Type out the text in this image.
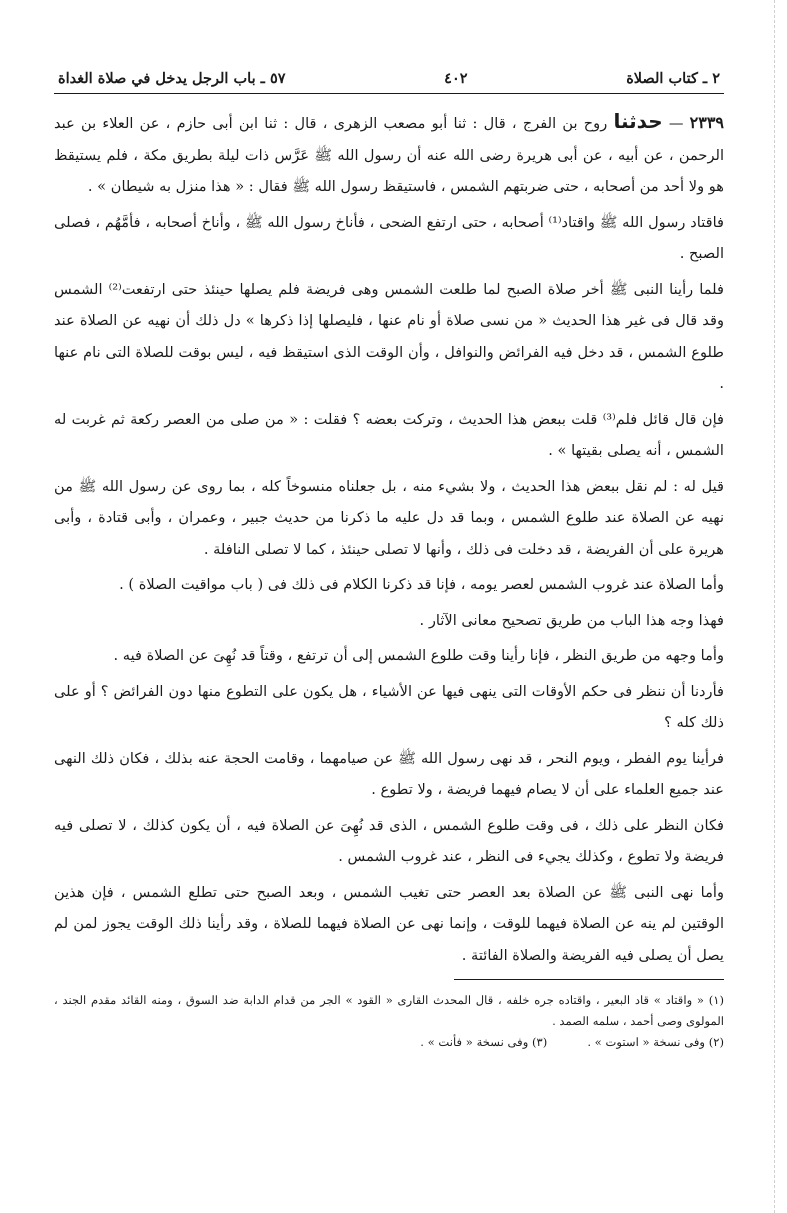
٢ ـ كتاب الصلاة
٤٠٢
٥٧ ـ باب الرجل يدخل في صلاة الغداة

٢٣٣٩ — حدثنا روح بن الفرج ، قال : ثنا أبو مصعب الزهرى ، قال : ثنا ابن أبى حازم ، عن العلاء بن عبد الرحمن ، عن أبيه ، عن أبى هريرة رضى الله عنه أن رسول الله ﷺ عَرَّس ذات ليلة بطريق مكة ، فلم يستيقظ هو ولا أحد من أصحابه ، حتى ضربتهم الشمس ، فاستيقظ رسول الله ﷺ فقال : « هذا منزل به شيطان » .

فاقتاد رسول الله ﷺ واقتاد⁽¹⁾ أصحابه ، حتى ارتفع الضحى ، فأناخ رسول الله ﷺ ، وأناخ أصحابه ، فأمَّهُم ، فصلى الصبح .

فلما رأينا النبى ﷺ أخر صلاة الصبح لما طلعت الشمس وهى فريضة فلم يصلها حينئذ حتى ارتفعت⁽²⁾ الشمس وقد قال فى غير هذا الحديث « من نسى صلاة أو نام عنها ، فليصلها إذا ذكرها » دل ذلك أن نهيه عن الصلاة عند طلوع الشمس ، قد دخل فيه الفرائض والنوافل ، وأن الوقت الذى استيقظ فيه ، ليس بوقت للصلاة التى نام عنها .

فإن قال قائل فلم⁽³⁾ قلت ببعض هذا الحديث ، وتركت بعضه ؟ فقلت : « من صلى من العصر ركعة ثم غربت له الشمس ، أنه يصلى بقيتها » .

قيل له : لم نقل ببعض هذا الحديث ، ولا بشيء منه ، بل جعلناه منسوخاً كله ، بما روى عن رسول الله ﷺ من نهيه عن الصلاة عند طلوع الشمس ، وبما قد دل عليه ما ذكرنا من حديث جبير ، وعمران ، وأبى قتادة ، وأبى هريرة على أن الفريضة ، قد دخلت فى ذلك ، وأنها لا تصلى حينئذ ، كما لا تصلى النافلة .

وأما الصلاة عند غروب الشمس لعصر يومه ، فإنا قد ذكرنا الكلام فى ذلك فى ( باب مواقيت الصلاة ) .

فهذا وجه هذا الباب من طريق تصحيح معانى الآثار .

وأما وجهه من طريق النظر ، فإنا رأينا وقت طلوع الشمس إلى أن ترتفع ، وقتاً قد نُهِىَ عن الصلاة فيه .

فأردنا أن ننظر فى حكم الأوقات التى ينهى فيها عن الأشياء ، هل يكون على التطوع منها دون الفرائض ؟ أو على ذلك كله ؟

فرأينا يوم الفطر ، ويوم النحر ، قد نهى رسول الله ﷺ عن صيامهما ، وقامت الحجة عنه بذلك ، فكان ذلك النهى عند جميع العلماء على أن لا يصام فيهما فريضة ، ولا تطوع .

فكان النظر على ذلك ، فى وقت طلوع الشمس ، الذى قد نُهِىَ عن الصلاة فيه ، أن يكون كذلك ، لا تصلى فيه فريضة ولا تطوع ، وكذلك يجيء فى النظر ، عند غروب الشمس .

وأما نهى النبى ﷺ عن الصلاة بعد العصر حتى تغيب الشمس ، وبعد الصبح حتى تطلع الشمس ، فإن هذين الوقتين لم ينه عن الصلاة فيهما للوقت ، وإنما نهى عن الصلاة فيهما للصلاة ، وقد رأينا ذلك الوقت يجوز لمن لم يصل أن يصلى فيه الفريضة والصلاة الفائتة .

(١) « واقتاد » قاد البعير ، واقتاده جره خلفه ، قال المحدث القارى « القود » الجر من قدام الدابة ضد السوق ، ومنه القائد مقدم الجند ، المولوى وصى أحمد ، سلمه الصمد .

(٢) وفى نسخة « استوت » .
(٣) وفى نسخة « فأنت » .
